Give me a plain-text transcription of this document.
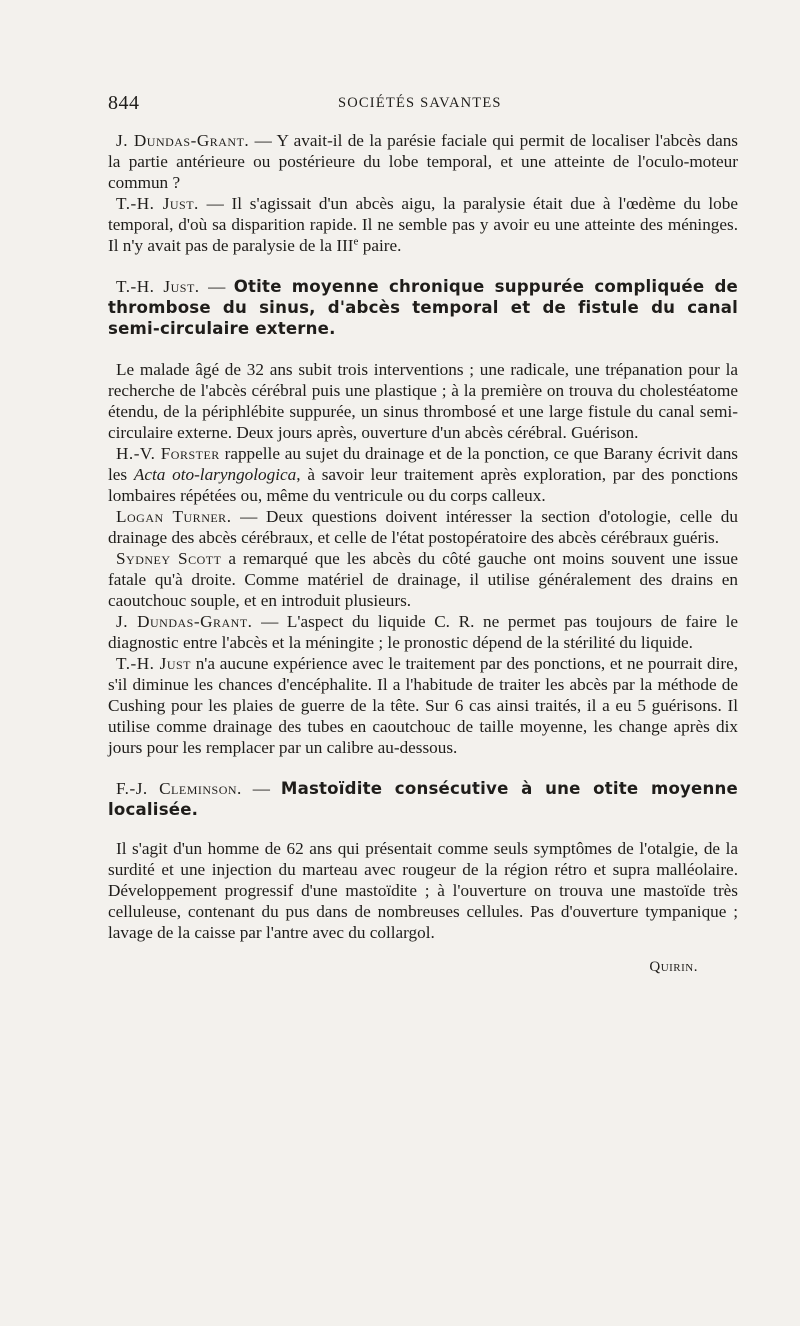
844	SOCIÉTÉS SAVANTES

J. Dundas-Grant. — Y avait-il de la parésie faciale qui permit de localiser l'abcès dans la partie antérieure ou postérieure du lobe temporal, et une atteinte de l'oculo-moteur commun ?

T.-H. Just. — Il s'agissait d'un abcès aigu, la paralysie était due à l'œdème du lobe temporal, d'où sa disparition rapide. Il ne semble pas y avoir eu une atteinte des méninges. Il n'y avait pas de paralysie de la IIIe paire.

T.-H. Just. — Otite moyenne chronique suppurée compliquée de thrombose du sinus, d'abcès temporal et de fistule du canal semi-circulaire externe.

Le malade âgé de 32 ans subit trois interventions ; une radicale, une trépanation pour la recherche de l'abcès cérébral puis une plastique ; à la première on trouva du cholestéatome étendu, de la périphlébite suppurée, un sinus thrombosé et une large fistule du canal semi-circulaire externe. Deux jours après, ouverture d'un abcès cérébral. Guérison.

H.-V. Forster rappelle au sujet du drainage et de la ponction, ce que Barany écrivit dans les Acta oto-laryngologica, à savoir leur traitement après exploration, par des ponctions lombaires répétées ou, même du ventricule ou du corps calleux.

Logan Turner. — Deux questions doivent intéresser la section d'otologie, celle du drainage des abcès cérébraux, et celle de l'état postopératoire des abcès cérébraux guéris.

Sydney Scott a remarqué que les abcès du côté gauche ont moins souvent une issue fatale qu'à droite. Comme matériel de drainage, il utilise généralement des drains en caoutchouc souple, et en introduit plusieurs.

J. Dundas-Grant. — L'aspect du liquide C. R. ne permet pas toujours de faire le diagnostic entre l'abcès et la méningite ; le pronostic dépend de la stérilité du liquide.

T.-H. Just n'a aucune expérience avec le traitement par des ponctions, et ne pourrait dire, s'il diminue les chances d'encéphalite. Il a l'habitude de traiter les abcès par la méthode de Cushing pour les plaies de guerre de la tête. Sur 6 cas ainsi traités, il a eu 5 guérisons. Il utilise comme drainage des tubes en caoutchouc de taille moyenne, les change après dix jours pour les remplacer par un calibre au-dessous.

F.-J. Cleminson. — Mastoïdite consécutive à une otite moyenne localisée.

Il s'agit d'un homme de 62 ans qui présentait comme seuls symptômes de l'otalgie, de la surdité et une injection du marteau avec rougeur de la région rétro et supra malléolaire. Développement progressif d'une mastoïdite ; à l'ouverture on trouva une mastoïde très celluleuse, contenant du pus dans de nombreuses cellules. Pas d'ouverture tympanique ; lavage de la caisse par l'antre avec du collargol.

Quirin.
